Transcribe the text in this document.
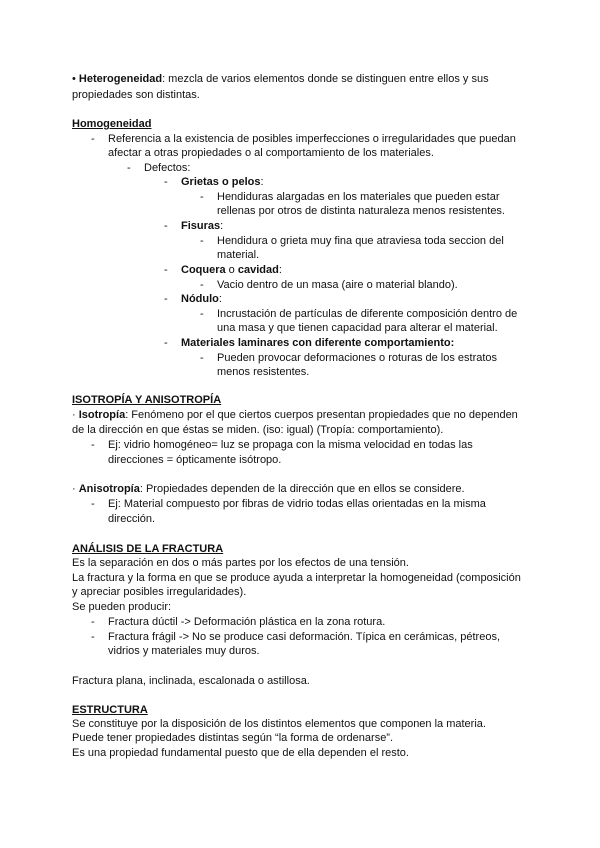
• Heterogeneidad: mezcla de varios elementos donde se distinguen entre ellos y sus
propiedades son distintas.
Homogeneidad
- Referencia a la existencia de posibles imperfecciones o irregularidades que puedan
afectar a otras propiedades o al comportamiento de los materiales.
- Defectos:
- Grietas o pelos:
- Hendiduras alargadas en los materiales que pueden estar
rellenas por otros de distinta naturaleza menos resistentes.
- Fisuras:
- Hendidura o grieta muy fina que atraviesa toda seccion del
material.
- Coquera o cavidad:
- Vacio dentro de un masa (aire o material blando).
- Nódulo:
- Incrustación de partículas de diferente composición dentro de
una masa y que tienen capacidad para alterar el material.
- Materiales laminares con diferente comportamiento:
- Pueden provocar deformaciones o roturas de los estratos
menos resistentes.
ISOTROPÍA Y ANISOTROPÍA
· Isotropía: Fenómeno por el que ciertos cuerpos presentan propiedades que no dependen
de la dirección en que éstas se miden. (iso: igual) (Tropía: comportamiento).
- Ej: vidrio homogéneo= luz se propaga con la misma velocidad en todas las
direcciones = ópticamente isótropo.
· Anisotropía: Propiedades dependen de la dirección que en ellos se considere.
- Ej: Material compuesto por fibras de vidrio todas ellas orientadas en la misma
dirección.
ANÁLISIS DE LA FRACTURA
Es la separación en dos o más partes por los efectos de una tensión.
La fractura y la forma en que se produce ayuda a interpretar la homogeneidad (composición
y apreciar posibles irregularidades).
Se pueden producir:
- Fractura dúctil -> Deformación plástica en la zona rotura.
- Fractura frágil -> No se produce casi deformación. Típica en cerámicas, pétreos,
vidrios y materiales muy duros.
Fractura plana, inclinada, escalonada o astillosa.
ESTRUCTURA
Se constituye por la disposición de los distintos elementos que componen la materia.
Puede tener propiedades distintas según “la forma de ordenarse”.
Es una propiedad fundamental puesto que de ella dependen el resto.
